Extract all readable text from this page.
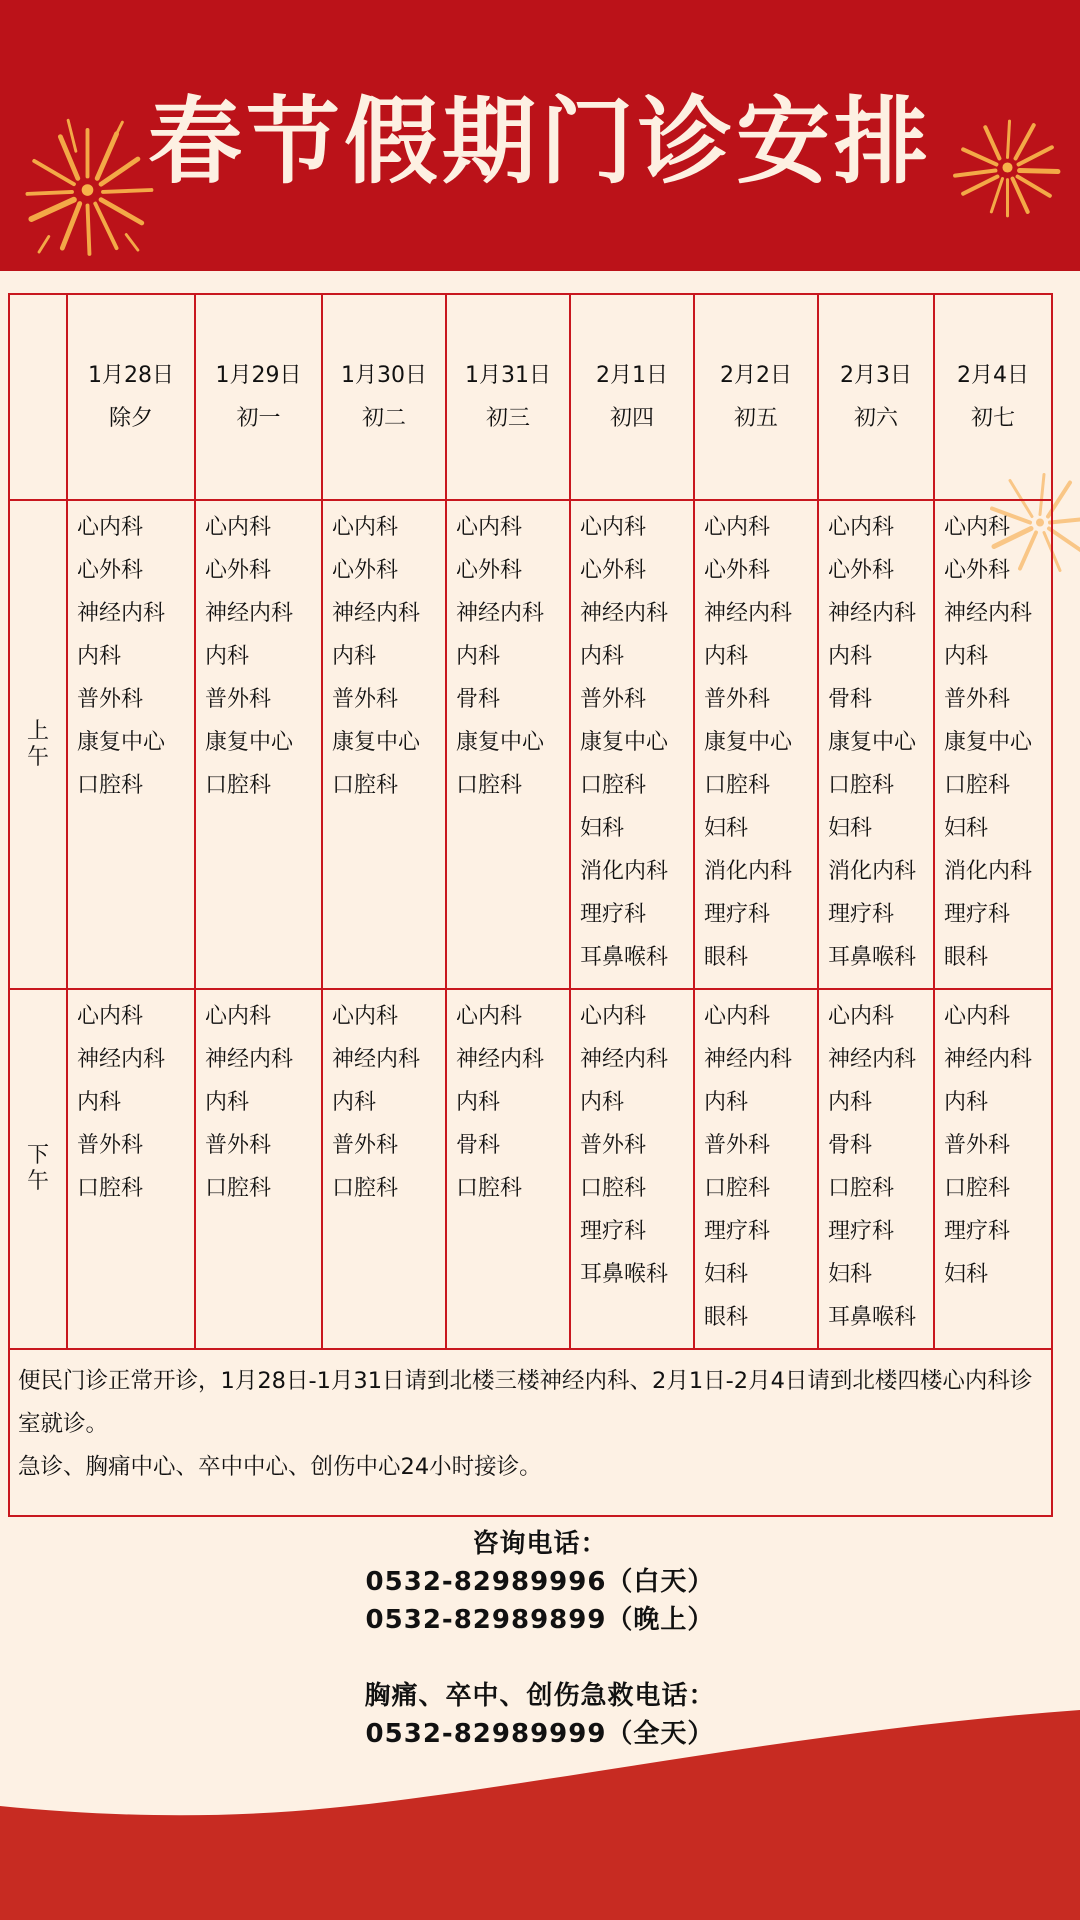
春节假期门诊安排
1月28日
除夕
1月29日
初一
1月30日
初二
1月31日
初三
2月1日
初四
2月2日
初五
2月3日
初六
2月4日
初七
上午
心内科
心外科
神经内科
内科
普外科
康复中心
口腔科
心内科
心外科
神经内科
内科
普外科
康复中心
口腔科
心内科
心外科
神经内科
内科
普外科
康复中心
口腔科
心内科
心外科
神经内科
内科
骨科
康复中心
口腔科
心内科
心外科
神经内科
内科
普外科
康复中心
口腔科
妇科
消化内科
理疗科
耳鼻喉科
心内科
心外科
神经内科
内科
普外科
康复中心
口腔科
妇科
消化内科
理疗科
眼科
心内科
心外科
神经内科
内科
骨科
康复中心
口腔科
妇科
消化内科
理疗科
耳鼻喉科
心内科
心外科
神经内科
内科
普外科
康复中心
口腔科
妇科
消化内科
理疗科
眼科
下午
心内科
神经内科
内科
普外科
口腔科
心内科
神经内科
内科
普外科
口腔科
心内科
神经内科
内科
普外科
口腔科
心内科
神经内科
内科
骨科
口腔科
心内科
神经内科
内科
普外科
口腔科
理疗科
耳鼻喉科
心内科
神经内科
内科
普外科
口腔科
理疗科
妇科
眼科
心内科
神经内科
内科
骨科
口腔科
理疗科
妇科
耳鼻喉科
心内科
神经内科
内科
普外科
口腔科
理疗科
妇科

便民门诊正常开诊，1月28日-1月31日请到北楼三楼神经内科、2月1日-2月4日请到北楼四楼心内科诊室就诊。

急诊、胸痛中心、卒中中心、创伤中心24小时接诊。

咨询电话：
0532-82989996（白天）
0532-82989899（晚上）
胸痛、卒中、创伤急救电话：
0532-82989999（全天）
